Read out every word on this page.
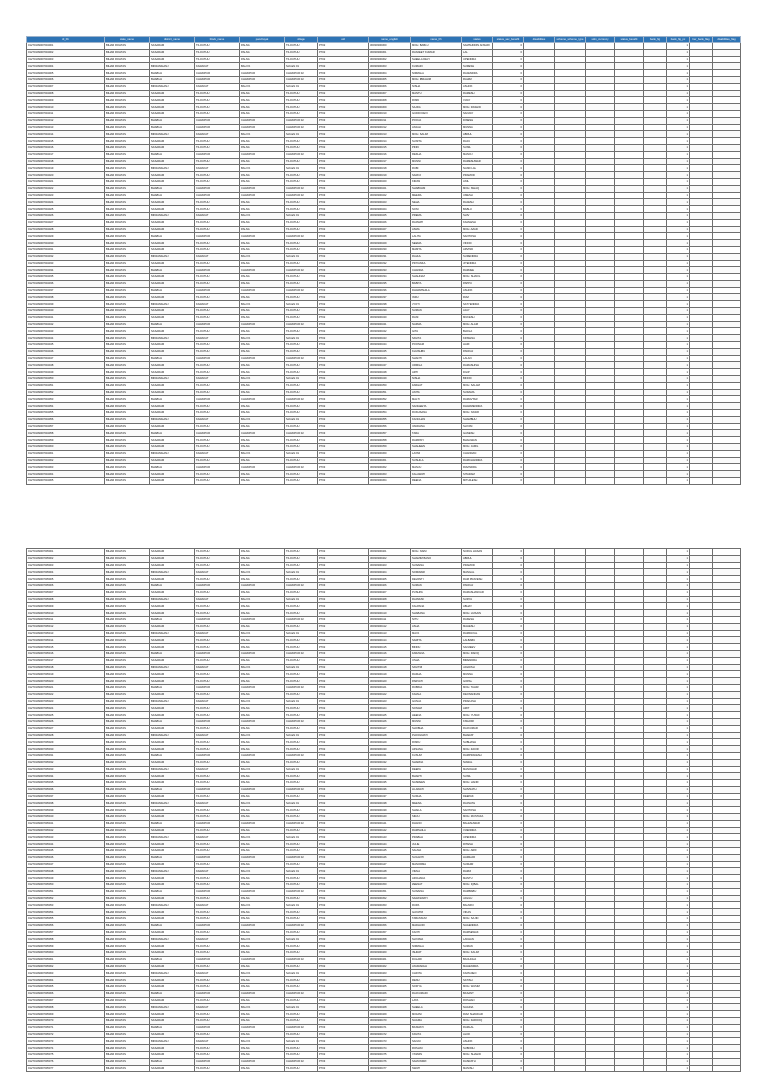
id_hh	state_name	district_name	block_name	panchayat	village	uid	name_english	name_hh	status	status_sec_benefit	disabilities	scheme_scheme_type	sdm_currency	status_benefit	bank_fig	bank_fig_pc	ber_bank_flag	disabilities_flag
01270109007004001	BIHAR ROHTAS	SASARAM	TILOUTHU	PALNA	TILOUTHU	P702	30030300300	MOH. BABLU	SAMSUDDIN ANSARI	0						1		
01270109007004002	BIHAR ROHTAS	SASARAM	TILOUTHU	PALNA	TILOUTHU	P702	30030300301	RANJEET KUMAR	LAL	0						1		
01270109007004003	BIHAR ROHTAS	SASARAM	TILOUTHU	PALNA	TILOUTHU	P702	30030300302	SHEELA DEVI	UPENDRA	0						1		
01270109007004004	BIHAR ROHTAS	BIKRAMGANJ	KARAKAT	BALIYA	Sohrahi 01	P702	30030300303	KUMARI	SURESH	0						1		
01270109007004005	BIHAR ROHTAS	BHABUA	CHAINPUR	CHAINPUR	CHAINPUR 02	P703	30030300304	NIRMALA	RAJENDRA	0						1		
01270109007004006	BIHAR ROHTAS	BHABUA	CHAINPUR	CHAINPUR	CHAINPUR 02	P703	30030300305	MOH. IBRAHIM	RAHIM	0						1		
01270109007004007	BIHAR ROHTAS	BIKRAMGANJ	KARAKAT	BALIYA	Sohrahi 01	P702	30030300306	NISHA	ASHOK	0						1		
01270109007004008	BIHAR ROHTAS	SASARAM	TILOUTHU	PALNA	TILOUTHU	P702	30030300307	MANTU	RAMESH	0						1		
01270109007004009	BIHAR ROHTAS	SASARAM	TILOUTHU	PALNA	TILOUTHU	P702	30030300308	RINKI	VIJAY	0						1		
01270109007004010	BIHAR ROHTAS	SASARAM	TILOUTHU	PALNA	TILOUTHU	P702	30030300309	SAJDA	MOH. RASHID	0						1		
01270109007004011	BIHAR ROHTAS	SASARAM	TILOUTHU	PALNA	TILOUTHU	P702	30030300310	GUDDI DEVI	SANJAY	0						1		
01270109007004012	BIHAR ROHTAS	BHABUA	CHAINPUR	CHAINPUR	CHAINPUR 02	P703	30030300311	POOJA	DINESH	0						1		
01270109007004013	BIHAR ROHTAS	BHABUA	CHAINPUR	CHAINPUR	CHAINPUR 02	P703	30030300312	ANJALI	MUNNA	0						1		
01270109007004014	BIHAR ROHTAS	BIKRAMGANJ	KARAKAT	BALIYA	Sohrahi 01	P702	30030300313	MOH. SALIM	ABDUL	0						1		
01270109007004015	BIHAR ROHTAS	SASARAM	TILOUTHU	PALNA	TILOUTHU	P702	30030300314	SUNITA	RAJU	0						1		
01270109007004016	BIHAR ROHTAS	SASARAM	TILOUTHU	PALNA	TILOUTHU	P702	30030300315	PINKI	SUNIL	0						1		
01270109007004017	BIHAR ROHTAS	BHABUA	CHAINPUR	CHAINPUR	CHAINPUR 02	P703	30030300316	REKHA	MANOJ	0						1		
01270109007004018	BIHAR ROHTAS	SASARAM	TILOUTHU	PALNA	TILOUTHU	P702	30030300317	MUNNI	RAMESHWAR	0						1		
01270109007004019	BIHAR ROHTAS	BIKRAMGANJ	KARAKAT	BALIYA	Sohrahi 01	P702	30030300318	RUBI	NAND LAL	0						1		
01270109007004020	BIHAR ROHTAS	SASARAM	TILOUTHU	PALNA	TILOUTHU	P702	30030300319	SAROJ	PRAMOD	0						1		
01270109007004021	BIHAR ROHTAS	SASARAM	TILOUTHU	PALNA	TILOUTHU	P702	30030300320	KIRAN	ANIL	0						1		
01270109007004022	BIHAR ROHTAS	BHABUA	CHAINPUR	CHAINPUR	CHAINPUR 02	P703	30030300321	SHABNAM	MOH. ISHAQ	0						1		
01270109007004023	BIHAR ROHTAS	BHABUA	CHAINPUR	CHAINPUR	CHAINPUR 02	P703	30030300322	MEERA	UMESH	0						1		
01270109007004024	BIHAR ROHTAS	SASARAM	TILOUTHU	PALNA	TILOUTHU	P702	30030300323	NEHA	RAJESH	0						1		
01270109007004025	BIHAR ROHTAS	SASARAM	TILOUTHU	PALNA	TILOUTHU	P702	30030300324	SONI	BABLU	0						1		
01270109007004026	BIHAR ROHTAS	BIKRAMGANJ	KARAKAT	BALIYA	Sohrahi 01	P702	30030300325	PREMA	SHIV	0						1		
01270109007004027	BIHAR ROHTAS	SASARAM	TILOUTHU	PALNA	TILOUTHU	P702	30030300326	RAJMATI	KAMLESH	0						1		
01270109007004028	BIHAR ROHTAS	SASARAM	TILOUTHU	PALNA	TILOUTHU	P702	30030300327	ASMA	MOH. AZAD	0						1		
01270109007004029	BIHAR ROHTAS	BHABUA	CHAINPUR	CHAINPUR	CHAINPUR 02	P703	30030300328	LALITA	SANTOSH	0						1		
01270109007004030	BIHAR ROHTAS	SASARAM	TILOUTHU	PALNA	TILOUTHU	P702	30030300329	SEEMA	VINOD	0						1		
01270109007004031	BIHAR ROHTAS	SASARAM	TILOUTHU	PALNA	TILOUTHU	P702	30030300330	MAMTA	ARVIND	0						1		
01270109007004032	BIHAR ROHTAS	BIKRAMGANJ	KARAKAT	BALIYA	Sohrahi 01	P702	30030300331	RAHUL	SURENDRA	0						1		
01270109007004033	BIHAR ROHTAS	SASARAM	TILOUTHU	PALNA	TILOUTHU	P702	30030300332	PRIYANKA	JITENDRA	0						1		
01270109007004034	BIHAR ROHTAS	BHABUA	CHAINPUR	CHAINPUR	CHAINPUR 02	P703	30030300333	CHANDA	RAMJEE	0						1		
01270109007004035	BIHAR ROHTAS	SASARAM	TILOUTHU	PALNA	TILOUTHU	P702	30030300334	SHAHNAZ	MOH. SHAKIL	0						1		
01270109007004036	BIHAR ROHTAS	SASARAM	TILOUTHU	PALNA	TILOUTHU	P702	30030300335	BABITA	PAPPU	0						1		
01270109007004037	BIHAR ROHTAS	BHABUA	CHAINPUR	CHAINPUR	CHAINPUR 02	P703	30030300336	DHARMSHILA	ASHOK	0						1		
01270109007004038	BIHAR ROHTAS	SASARAM	TILOUTHU	PALNA	TILOUTHU	P702	30030300337	INDU	RAVI	0						1		
01270109007004039	BIHAR ROHTAS	BIKRAMGANJ	KARAKAT	BALIYA	Sohrahi 01	P702	30030300338	JYOTI	SATYENDRA	0						1		
01270109007004040	BIHAR ROHTAS	SASARAM	TILOUTHU	PALNA	TILOUTHU	P702	30030300339	SUMAN	AJAY	0						1		
01270109007004041	BIHAR ROHTAS	SASARAM	TILOUTHU	PALNA	TILOUTHU	P702	30030300340	RANI	MUKESH	0						1		
01270109007004042	BIHAR ROHTAS	BHABUA	CHAINPUR	CHAINPUR	CHAINPUR 02	P703	30030300341	NAZMA	MOH. ALAM	0						1		
01270109007004043	BIHAR ROHTAS	SASARAM	TILOUTHU	PALNA	TILOUTHU	P702	30030300342	GITA	BHOLA	0						1		
01270109007004044	BIHAR ROHTAS	BIKRAMGANJ	KARAKAT	BALIYA	Sohrahi 01	P702	30030300343	SAVITA	KRISHNA	0						1		
01270109007004045	BIHAR ROHTAS	SASARAM	TILOUTHU	PALNA	TILOUTHU	P702	30030300344	POONAM	HARI	0						1		
01270109007004046	BIHAR ROHTAS	SASARAM	TILOUTHU	PALNA	TILOUTHU	P702	30030300345	KHUSHBU	PANKAJ	0						1		
01270109007004047	BIHAR ROHTAS	BHABUA	CHAINPUR	CHAINPUR	CHAINPUR 02	P703	30030300346	SHANTI	LALAN	0						1		
01270109007004048	BIHAR ROHTAS	SASARAM	TILOUTHU	PALNA	TILOUTHU	P702	30030300347	URMILA	RAMASHISH	0						1		
01270109007004049	BIHAR ROHTAS	SASARAM	TILOUTHU	PALNA	TILOUTHU	P702	30030300348	ARTI	DILIP	0						1		
01270109007004050	BIHAR ROHTAS	BIKRAMGANJ	KARAKAT	BALIYA	Sohrahi 01	P702	30030300349	NISHA	BINOD	0						1		
01270109007004051	BIHAR ROHTAS	SASARAM	TILOUTHU	PALNA	TILOUTHU	P702	30030300350	FARHAT	MOH. SALAM	0						1		
01270109007004052	BIHAR ROHTAS	SASARAM	TILOUTHU	PALNA	TILOUTHU	P702	30030300351	ANITA	SUDAMA	0						1		
01270109007004053	BIHAR ROHTAS	BHABUA	CHAINPUR	CHAINPUR	CHAINPUR 02	P703	30030300352	MALTI	RAMAVTAR	0						1		
01270109007004054	BIHAR ROHTAS	SASARAM	TILOUTHU	PALNA	TILOUTHU	P702	30030300353	SANGEETA	DHARMENDRA	0						1		
01270109007004055	BIHAR ROHTAS	SASARAM	TILOUTHU	PALNA	TILOUTHU	P702	30030300354	RUKHSANA	MOH. NASIR	0						1		
01270109007004056	BIHAR ROHTAS	BIKRAMGANJ	KARAKAT	BALIYA	Sohrahi 01	P702	30030300355	KANCHAN	SHAMBHU	0						1		
01270109007004057	BIHAR ROHTAS	SASARAM	TILOUTHU	PALNA	TILOUTHU	P702	30030300356	VANDANA	SHYAM	0						1		
01270109007004058	BIHAR ROHTAS	BHABUA	CHAINPUR	CHAINPUR	CHAINPUR 02	P703	30030300357	TARA	GANESH	0						1		
01270109007004059	BIHAR ROHTAS	SASARAM	TILOUTHU	PALNA	TILOUTHU	P702	30030300358	RAMPATI	BHAGWAN	0						1		
01270109007004060	BIHAR ROHTAS	SASARAM	TILOUTHU	PALNA	TILOUTHU	P702	30030300359	SHAHEEN	MOH. JAMIL	0						1		
01270109007004061	BIHAR ROHTAS	BIKRAMGANJ	KARAKAT	BALIYA	Sohrahi 01	P702	30030300360	LAXMI	CHANDAN	0						1		
01270109007004062	BIHAR ROHTAS	SASARAM	TILOUTHU	PALNA	TILOUTHU	P702	30030300361	SUSHILA	RAMCHANDRA	0						1		
01270109007004063	BIHAR ROHTAS	BHABUA	CHAINPUR	CHAINPUR	CHAINPUR 02	P703	30030300362	MANJU	RAVINDRA	0						1		
01270109007004064	BIHAR ROHTAS	SASARAM	TILOUTHU	PALNA	TILOUTHU	P702	30030300363	KALAWATI	SITARAM	0						1		
01270109007004065	BIHAR ROHTAS	SASARAM	TILOUTHU	PALNA	TILOUTHU	P702	30030300364	REENA	MITHILESH	0						1		
01270109007005001	BIHAR ROHTAS	SASARAM	TILOUTHU	PALNA	TILOUTHU	P702	30030300401	MOH. NAIM	NURUL HASAN	0						1		
01270109007005002	BIHAR ROHTAS	SASARAM	TILOUTHU	PALNA	TILOUTHU	P702	30030300402	SHAMIM BANO	ABDUL	0						1		
01270109007005003	BIHAR ROHTAS	SASARAM	TILOUTHU	PALNA	TILOUTHU	P702	30030300403	SUNAINA	PRAMOD	0						1		
01270109007005004	BIHAR ROHTAS	BIKRAMGANJ	KARAKAT	BALIYA	Sohrahi 01	P702	30030300404	SOMWARI	MANGAL	0						1		
01270109007005005	BIHAR ROHTAS	SASARAM	TILOUTHU	PALNA	TILOUTHU	P702	30030300405	DEVANTI	RAM PRAVESH	0						1		
01270109007005006	BIHAR ROHTAS	BHABUA	CHAINPUR	CHAINPUR	CHAINPUR 02	P703	30030300406	SUMAN	PANKAJ	0						1		
01270109007005007	BIHAR ROHTAS	SASARAM	TILOUTHU	PALNA	TILOUTHU	P702	30030300407	PUSHPA	RAMASHANKAR	0						1		
01270109007005008	BIHAR ROHTAS	BIKRAMGANJ	KARAKAT	BALIYA	Sohrahi 01	P702	30030300408	RAJMUNI	SURYA	0						1		
01270109007005009	BIHAR ROHTAS	SASARAM	TILOUTHU	PALNA	TILOUTHU	P702	30030300409	KALPANA	ABHAY	0						1		
01270109007005010	BIHAR ROHTAS	SASARAM	TILOUTHU	PALNA	TILOUTHU	P702	30030300410	SHABANA	MOH. HUSAIN	0						1		
01270109007005011	BIHAR ROHTAS	BHABUA	CHAINPUR	CHAINPUR	CHAINPUR 02	P703	30030300411	NITU	RAKESH	0						1		
01270109007005012	BIHAR ROHTAS	SASARAM	TILOUTHU	PALNA	TILOUTHU	P702	30030300412	ASHA	MAHESH	0						1		
01270109007005013	BIHAR ROHTAS	BIKRAMGANJ	KARAKAT	BALIYA	Sohrahi 01	P702	30030300413	MAYA	RAMDAYAL	0						1		
01270109007005014	BIHAR ROHTAS	SASARAM	TILOUTHU	PALNA	TILOUTHU	P702	30030300414	SARITA	LALBABU	0						1		
01270109007005015	BIHAR ROHTAS	SASARAM	TILOUTHU	PALNA	TILOUTHU	P702	30030300415	BINDU	SANJEEV	0						1		
01270109007005016	BIHAR ROHTAS	BHABUA	CHAINPUR	CHAINPUR	CHAINPUR 02	P703	30030300416	FARZANA	MOH. RAFIQ	0						1		
01270109007005017	BIHAR ROHTAS	SASARAM	TILOUTHU	PALNA	TILOUTHU	P702	30030300417	USHA	BIRENDRA	0						1		
01270109007005018	BIHAR ROHTAS	BIKRAMGANJ	KARAKAT	BALIYA	Sohrahi 01	P702	30030300418	SAVITRI	JAGDISH	0						1		
01270109007005019	BIHAR ROHTAS	SASARAM	TILOUTHU	PALNA	TILOUTHU	P702	30030300419	RADHA	MUNNA	0						1		
01270109007005020	BIHAR ROHTAS	SASARAM	TILOUTHU	PALNA	TILOUTHU	P702	30030300420	PARVATI	GOPAL	0						1		
01270109007005021	BIHAR ROHTAS	BHABUA	CHAINPUR	CHAINPUR	CHAINPUR 02	P703	30030300421	RUBINA	MOH. TAHIR	0						1		
01270109007005022	BIHAR ROHTAS	SASARAM	TILOUTHU	PALNA	TILOUTHU	P702	30030300422	KAMLA	DEONANDAN	0						1		
01270109007005023	BIHAR ROHTAS	BIKRAMGANJ	KARAKAT	BALIYA	Sohrahi 01	P702	30030300423	GUNJA	PRAKASH	0						1		
01270109007005024	BIHAR ROHTAS	SASARAM	TILOUTHU	PALNA	TILOUTHU	P702	30030300424	SONAM	AMIT	0						1		
01270109007005025	BIHAR ROHTAS	SASARAM	TILOUTHU	PALNA	TILOUTHU	P702	30030300425	HEENA	MOH. YUSUF	0						1		
01270109007005026	BIHAR ROHTAS	BHABUA	CHAINPUR	CHAINPUR	CHAINPUR 02	P703	30030300426	MUNNI	KISHORI	0						1		
01270109007005027	BIHAR ROHTAS	SASARAM	TILOUTHU	PALNA	TILOUTHU	P702	30030300427	SHOBHA	RAJKUMAR	0						1		
01270109007005028	BIHAR ROHTAS	BIKRAMGANJ	KARAKAT	BALIYA	Sohrahi 01	P702	30030300428	PHOOLMATI	BHARAT	0						1		
01270109007005029	BIHAR ROHTAS	SASARAM	TILOUTHU	PALNA	TILOUTHU	P702	30030300429	RINKU	SUBHASH	0						1		
01270109007005030	BIHAR ROHTAS	SASARAM	TILOUTHU	PALNA	TILOUTHU	P702	30030300430	AFSANA	MOH. ZAKIR	0						1		
01270109007005031	BIHAR ROHTAS	BHABUA	CHAINPUR	CHAINPUR	CHAINPUR 02	P703	30030300431	KUSUM	RAMPRAVESH	0						1		
01270109007005032	BIHAR ROHTAS	SASARAM	TILOUTHU	PALNA	TILOUTHU	P702	30030300432	SHARDA	NAWAL	0						1		
01270109007005033	BIHAR ROHTAS	BIKRAMGANJ	KARAKAT	BALIYA	Sohrahi 01	P702	30030300433	DEEPA	MANOHAR	0						1		
01270109007005034	BIHAR ROHTAS	SASARAM	TILOUTHU	PALNA	TILOUTHU	P702	30030300434	BHARTI	SUNIL	0						1		
01270109007005035	BIHAR ROHTAS	SASARAM	TILOUTHU	PALNA	TILOUTHU	P702	30030300435	NASREEN	MOH. HANIF	0						1		
01270109007005036	BIHAR ROHTAS	BHABUA	CHAINPUR	CHAINPUR	CHAINPUR 02	P703	30030300436	LILAWATI	SHIVNATH	0						1		
01270109007005037	BIHAR ROHTAS	SASARAM	TILOUTHU	PALNA	TILOUTHU	P702	30030300437	SUDHA	DEEPAK	0						1		
01270109007005038	BIHAR ROHTAS	BIKRAMGANJ	KARAKAT	BALIYA	Sohrahi 01	P702	30030300438	MEENA	RAJNATH	0						1		
01270109007005039	BIHAR ROHTAS	SASARAM	TILOUTHU	PALNA	TILOUTHU	P702	30030300439	SHAILA	SANTOSH	0						1		
01270109007005040	BIHAR ROHTAS	SASARAM	TILOUTHU	PALNA	TILOUTHU	P702	30030300440	SIRAJ	MOH. MUSTAFA	0						1		
01270109007005041	BIHAR ROHTAS	BHABUA	CHAINPUR	CHAINPUR	CHAINPUR 02	P703	30030300441	DHANO	BALESHWAR	0						1		
01270109007005042	BIHAR ROHTAS	SASARAM	TILOUTHU	PALNA	TILOUTHU	P702	30030300442	RAMSHILA	VIJENDRA	0						1		
01270109007005043	BIHAR ROHTAS	BIKRAMGANJ	KARAKAT	BALIYA	Sohrahi 01	P702	30030300443	PRABHA	UPENDRA	0						1		
01270109007005044	BIHAR ROHTAS	SASARAM	TILOUTHU	PALNA	TILOUTHU	P702	30030300444	JULIE	RITESH	0						1		
01270109007005045	BIHAR ROHTAS	SASARAM	TILOUTHU	PALNA	TILOUTHU	P702	30030300445	SALMA	MOH. ARIF	0						1		
01270109007005046	BIHAR ROHTAS	BHABUA	CHAINPUR	CHAINPUR	CHAINPUR 02	P703	30030300446	SUGANTI	HARIHAR	0						1		
01270109007005047	BIHAR ROHTAS	SASARAM	TILOUTHU	PALNA	TILOUTHU	P702	30030300447	MANORMA	SUDHIR	0						1		
01270109007005048	BIHAR ROHTAS	BIKRAMGANJ	KARAKAT	BALIYA	Sohrahi 01	P702	30030300448	VIMLA	RAMJI	0						1		
01270109007005049	BIHAR ROHTAS	SASARAM	TILOUTHU	PALNA	TILOUTHU	P702	30030300449	ARCHANA	MANTU	0						1		
01270109007005050	BIHAR ROHTAS	SASARAM	TILOUTHU	PALNA	TILOUTHU	P702	30030300450	ZEENAT	MOH. IQBAL	0						1		
01270109007005051	BIHAR ROHTAS	BHABUA	CHAINPUR	CHAINPUR	CHAINPUR 02	P703	30030300451	SUNAINA	RAMBABU	0						1		
01270109007005052	BIHAR ROHTAS	SASARAM	TILOUTHU	PALNA	TILOUTHU	P702	30030300452	SARASWATI	JAGGU	0						1		
01270109007005053	BIHAR ROHTAS	BIKRAMGANJ	KARAKAT	BALIYA	Sohrahi 01	P702	30030300453	RUPA	BALMIKI	0						1		
01270109007005054	BIHAR ROHTAS	SASARAM	TILOUTHU	PALNA	TILOUTHU	P702	30030300454	GAYATRI	VIKAS	0						1		
01270109007005055	BIHAR ROHTAS	SASARAM	TILOUTHU	PALNA	TILOUTHU	P702	30030300455	TABASSUM	MOH. SAJID	0						1		
01270109007005056	BIHAR ROHTAS	BHABUA	CHAINPUR	CHAINPUR	CHAINPUR 02	P703	30030300456	MADHURI	NAGENDRA	0						1		
01270109007005057	BIHAR ROHTAS	SASARAM	TILOUTHU	PALNA	TILOUTHU	P702	30030300457	KANTI	RAMSEWAK	0						1		
01270109007005058	BIHAR ROHTAS	BIKRAMGANJ	KARAKAT	BALIYA	Sohrahi 01	P702	30030300458	SHYAMA	LAKHAN	0						1		
01270109007005059	BIHAR ROHTAS	SASARAM	TILOUTHU	PALNA	TILOUTHU	P702	30030300459	NIRMALA	SUMAN	0						1		
01270109007005060	BIHAR ROHTAS	SASARAM	TILOUTHU	PALNA	TILOUTHU	P702	30030300460	ISHRAT	MOH. KALIM	0						1		
01270109007005061	BIHAR ROHTAS	BHABUA	CHAINPUR	CHAINPUR	CHAINPUR 02	P703	30030300461	DULARI	BACHCHA	0						1		
01270109007005062	BIHAR ROHTAS	SASARAM	TILOUTHU	PALNA	TILOUTHU	P702	30030300462	ANURADHA	MAHENDRA	0						1		
01270109007005063	BIHAR ROHTAS	BIKRAMGANJ	KARAKAT	BALIYA	Sohrahi 01	P702	30030300463	CHINTA	KAPILDEO	0						1		
01270109007005064	BIHAR ROHTAS	SASARAM	TILOUTHU	PALNA	TILOUTHU	P702	30030300464	RENU	SATISH	0						1		
01270109007005065	BIHAR ROHTAS	SASARAM	TILOUTHU	PALNA	TILOUTHU	P702	30030300465	SOFIYA	MOH. WASIM	0						1		
01270109007005066	BIHAR ROHTAS	BHABUA	CHAINPUR	CHAINPUR	CHAINPUR 02	P703	30030300466	RAJKUMARI	BASANT	0						1		
01270109007005067	BIHAR ROHTAS	SASARAM	TILOUTHU	PALNA	TILOUTHU	P702	30030300467	LATA	ROSHAN	0						1		
01270109007005068	BIHAR ROHTAS	BIKRAMGANJ	KARAKAT	BALIYA	Sohrahi 01	P702	30030300468	SHEELA	NAGINA	0						1		
01270109007005069	BIHAR ROHTAS	SASARAM	TILOUTHU	PALNA	TILOUTHU	P702	30030300469	MOHINI	RAVI SHANKAR	0						1		
01270109007005070	BIHAR ROHTAS	SASARAM	TILOUTHU	PALNA	TILOUTHU	P702	30030300470	NAGMA	MOH. FAROOQ	0						1		
01270109007005071	BIHAR ROHTAS	BHABUA	CHAINPUR	CHAINPUR	CHAINPUR 02	P703	30030300471	BASMATI	RAMLAL	0						1		
01270109007005072	BIHAR ROHTAS	SASARAM	TILOUTHU	PALNA	TILOUTHU	P702	30030300472	KAVITA	ALOK	0						1		
01270109007005073	BIHAR ROHTAS	BIKRAMGANJ	KARAKAT	BALIYA	Sohrahi 01	P702	30030300473	SANJU	ASHOK	0						1		
01270109007005074	BIHAR ROHTAS	SASARAM	TILOUTHU	PALNA	TILOUTHU	P702	30030300474	ROSHNI	SUBODH	0						1		
01270109007005075	BIHAR ROHTAS	SASARAM	TILOUTHU	PALNA	TILOUTHU	P702	30030300475	YASMIN	MOH. SHAHID	0						1		
01270109007005076	BIHAR ROHTAS	BHABUA	CHAINPUR	CHAINPUR	CHAINPUR 02	P703	30030300476	SAMUNDRI	DASRATH	0						1		
01270109007005077	BIHAR ROHTAS	SASARAM	TILOUTHU	PALNA	TILOUTHU	P702	30030300477	SWATI	MANISH	0						1		
